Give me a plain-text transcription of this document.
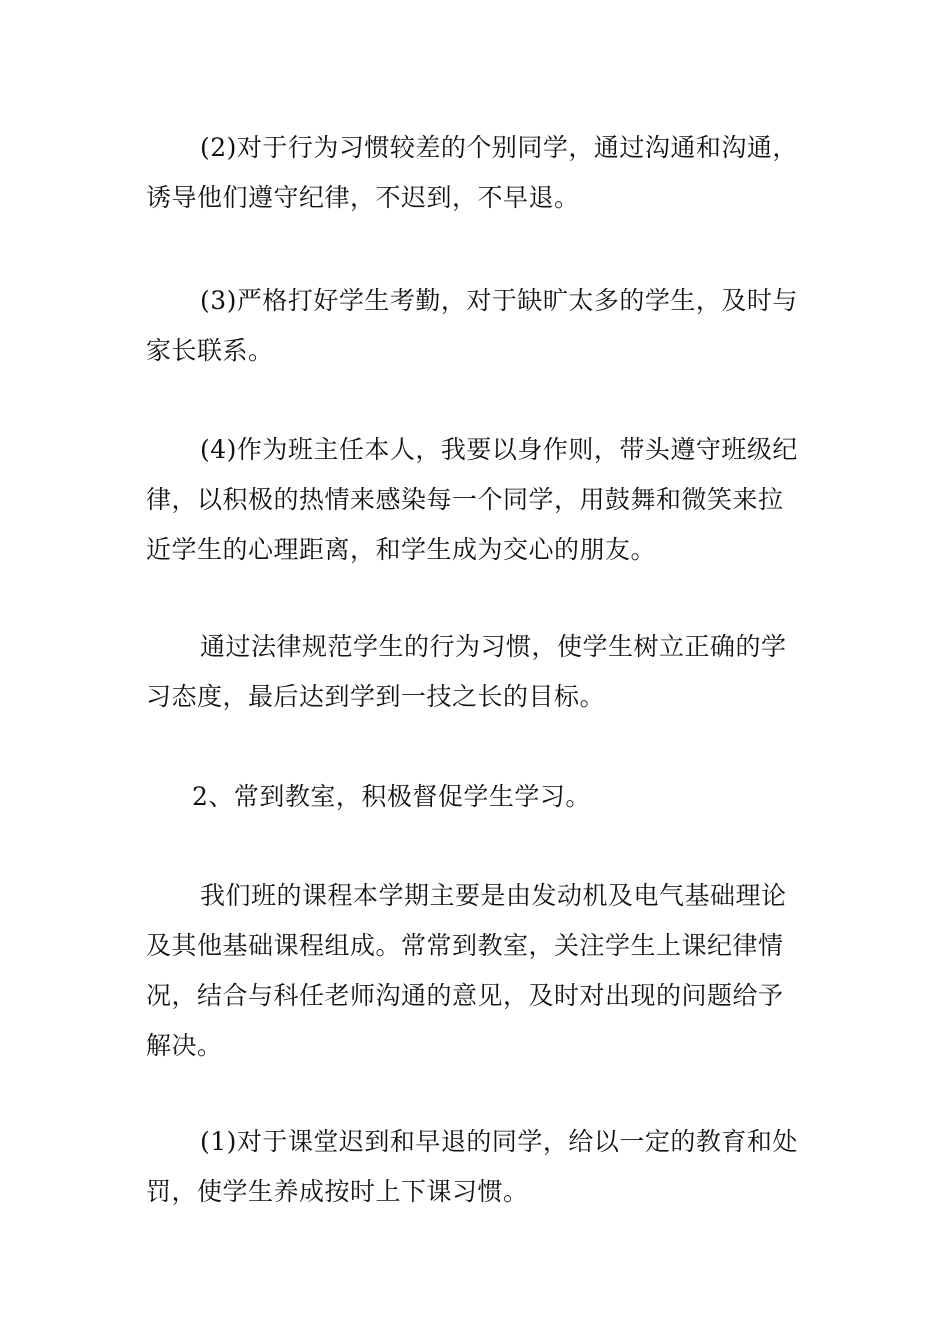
(2)对于行为习惯较差的个别同学，通过沟通和沟通，
诱导他们遵守纪律，不迟到，不早退。

(3)严格打好学生考勤，对于缺旷太多的学生，及时与
家长联系。

(4)作为班主任本人，我要以身作则，带头遵守班级纪
律，以积极的热情来感染每一个同学，用鼓舞和微笑来拉
近学生的心理距离，和学生成为交心的朋友。

通过法律规范学生的行为习惯，使学生树立正确的学
习态度，最后达到学到一技之长的目标。

2、常到教室，积极督促学生学习。

我们班的课程本学期主要是由发动机及电气基础理论
及其他基础课程组成。常常到教室，关注学生上课纪律情
况，结合与科任老师沟通的意见，及时对出现的问题给予
解决。

(1)对于课堂迟到和早退的同学，给以一定的教育和处
罚，使学生养成按时上下课习惯。
